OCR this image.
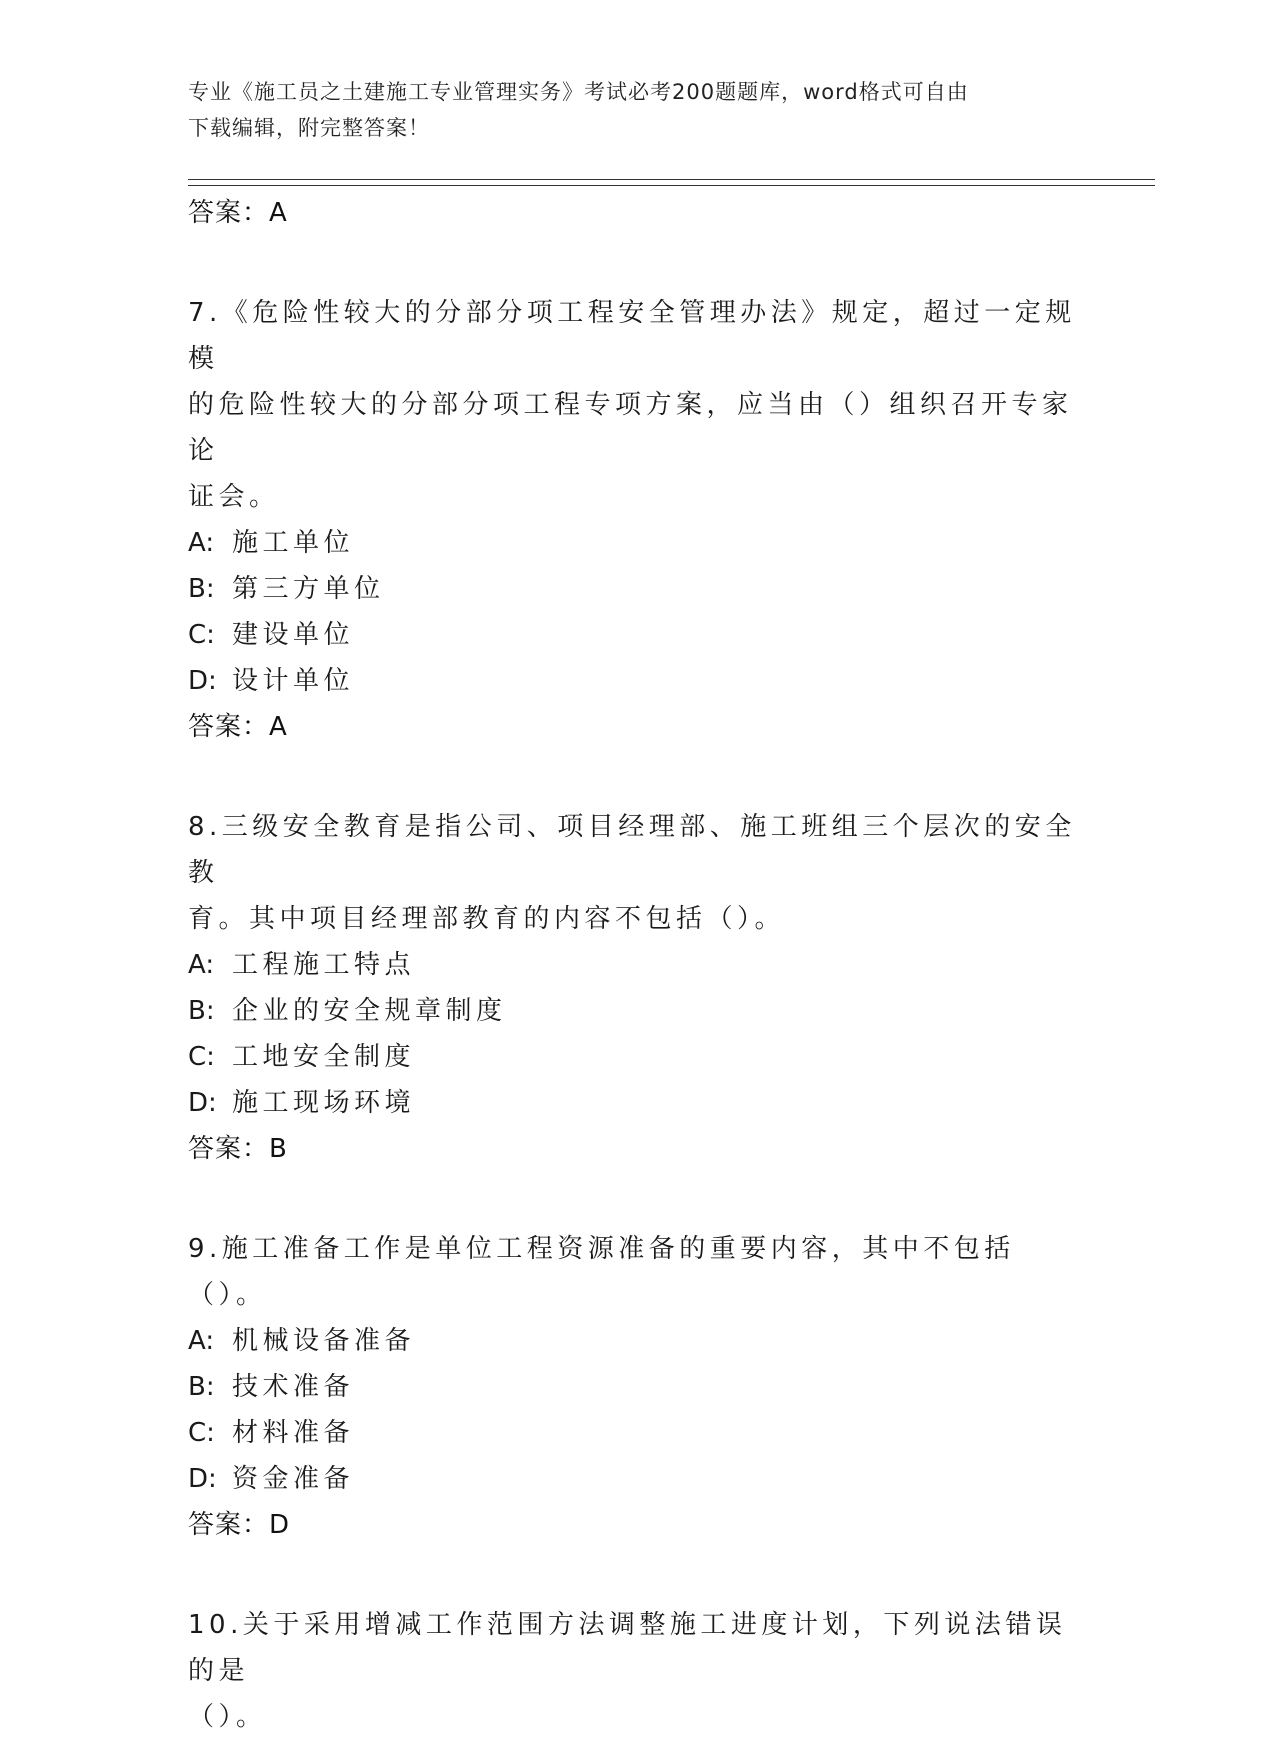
专业《施工员之土建施工专业管理实务》考试必考200题题库，word格式可自由
下载编辑，附完整答案！
答案：A
7.《危险性较大的分部分项工程安全管理办法》规定，超过一定规模
的危险性较大的分部分项工程专项方案，应当由（）组织召开专家论
证会。
A: 施工单位
B: 第三方单位
C: 建设单位
D: 设计单位
答案：A
8.三级安全教育是指公司、项目经理部、施工班组三个层次的安全教
育。其中项目经理部教育的内容不包括（）。
A: 工程施工特点
B: 企业的安全规章制度
C: 工地安全制度
D: 施工现场环境
答案：B
9.施工准备工作是单位工程资源准备的重要内容，其中不包括（）。
A: 机械设备准备
B: 技术准备
C: 材料准备
D: 资金准备
答案：D
10.关于采用增减工作范围方法调整施工进度计划，下列说法错误的是
（）。
